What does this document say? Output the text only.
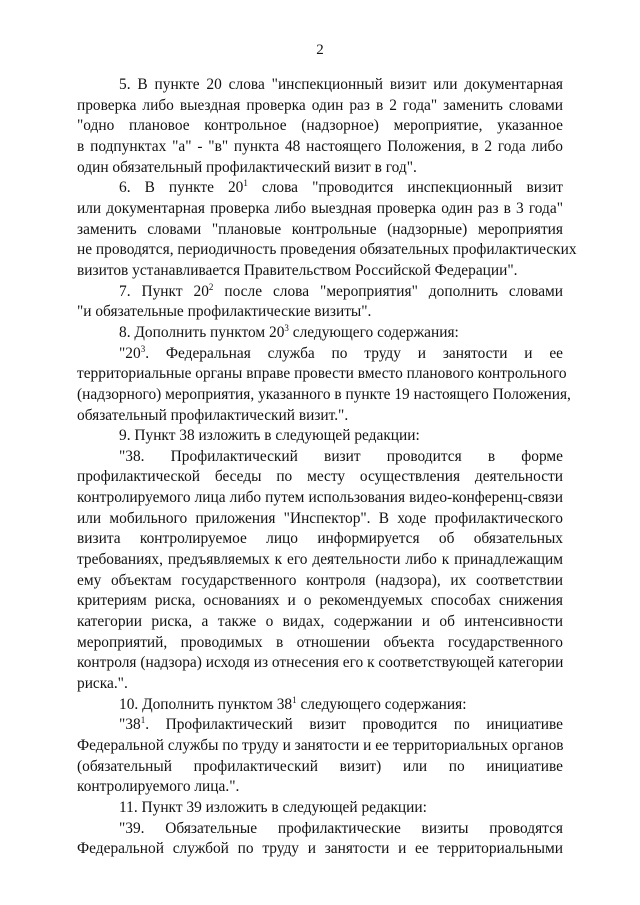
2
5. В пункте 20 слова "инспекционный визит или документарная
проверка либо выездная проверка один раз в 2 года" заменить словами
"одно плановое контрольное (надзорное) мероприятие, указанное
в подпунктах "а" - "в" пункта 48 настоящего Положения, в 2 года либо
один обязательный профилактический визит в год".
6. В пункте $20^1$ слова "проводится инспекционный визит
или документарная проверка либо выездная проверка один раз в 3 года"
заменить словами "плановые контрольные (надзорные) мероприятия
не проводятся, периодичность проведения обязательных профилактических
визитов устанавливается Правительством Российской Федерации".
7. Пункт $20^2$ после слова "мероприятия" дополнить словами
"и обязательные профилактические визиты".
8. Дополнить пунктом $20^3$ следующего содержания:
"$20^3$. Федеральная служба по труду и занятости и ее
территориальные органы вправе провести вместо планового контрольного
(надзорного) мероприятия, указанного в пункте 19 настоящего Положения,
обязательный профилактический визит.".
9. Пункт 38 изложить в следующей редакции:
"38. Профилактический визит проводится в форме
профилактической беседы по месту осуществления деятельности
контролируемого лица либо путем использования видео-конференц-связи
или мобильного приложения "Инспектор". В ходе профилактического
визита контролируемое лицо информируется об обязательных
требованиях, предъявляемых к его деятельности либо к принадлежащим
ему объектам государственного контроля (надзора), их соответствии
критериям риска, основаниях и о рекомендуемых способах снижения
категории риска, а также о видах, содержании и об интенсивности
мероприятий, проводимых в отношении объекта государственного
контроля (надзора) исходя из отнесения его к соответствующей категории
риска.".
10. Дополнить пунктом $38^1$ следующего содержания:
"$38^1$. Профилактический визит проводится по инициативе
Федеральной службы по труду и занятости и ее территориальных органов
(обязательный профилактический визит) или по инициативе
контролируемого лица.".
11. Пункт 39 изложить в следующей редакции:
"39. Обязательные профилактические визиты проводятся
Федеральной службой по труду и занятости и ее территориальными
